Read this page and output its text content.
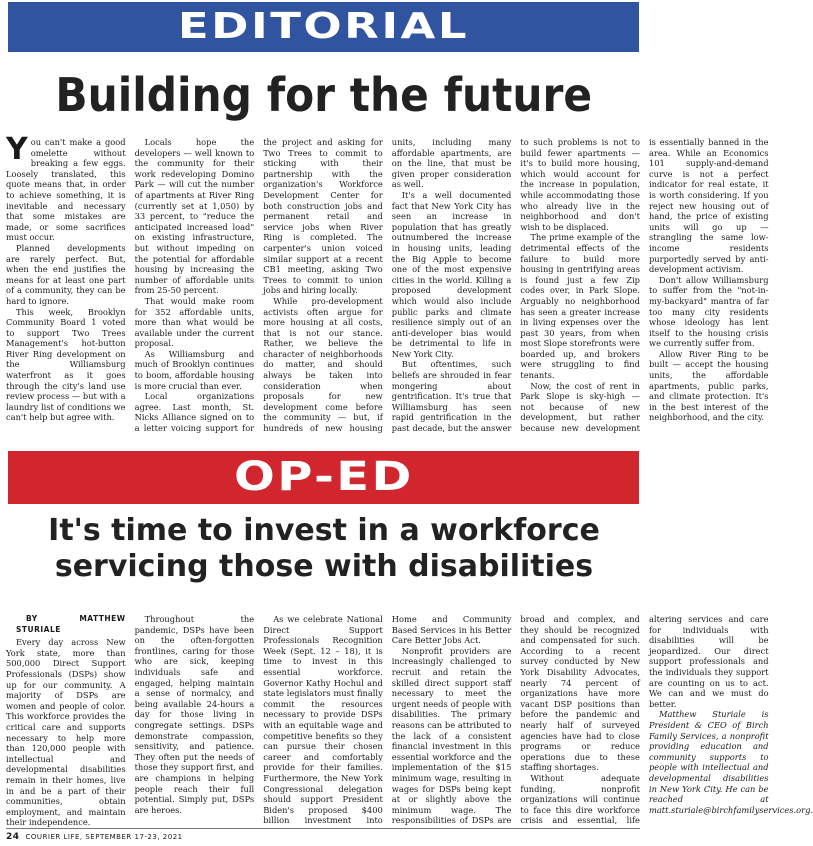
EDITORIAL
Building for the future

You can't make a good omelette without breaking a few eggs. Loosely translated, this quote means that, in order to achieve something, it is inevitable and necessary that some mistakes are made, or some sacrifices must occur.

Planned developments are rarely perfect. But, when the end justifies the means for at least one part of a community, they can be hard to ignore.

This week, Brooklyn Community Board 1 voted to support Two Trees Management's hot-button River Ring development on the Williamsburg waterfront as it goes through the city's land use review process — but with a laundry list of conditions we can't help but agree with.

Locals hope the developers — well known to the community for their work redeveloping Domino Park — will cut the number of apartments at River Ring (currently set at 1,050) by 33 percent, to "reduce the anticipated increased load" on existing infrastructure, but without impeding on the potential for affordable housing by increasing the number of affordable units from 25-50 percent.

That would make room for 352 affordable units, more than what would be available under the current proposal.

As Williamsburg and much of Brooklyn continues to boom, affordable housing is more crucial than ever.

Local organizations agree. Last month, St. Nicks Alliance signed on to a letter voicing support for the project and asking for Two Trees to commit to sticking with their partnership with the organization's Workforce Development Center for both construction jobs and permanent retail and service jobs when River Ring is completed. The carpenter's union voiced similar support at a recent CB1 meeting, asking Two Trees to commit to union jobs and hiring locally.

While pro-development activists often argue for more housing at all costs, that is not our stance. Rather, we believe the character of neighborhoods do matter, and should always be taken into consideration when proposals for new development come before the community — but, if hundreds of new housing units, including many affordable apartments, are on the line, that must be given proper consideration as well.

It's a well documented fact that New York City has seen an increase in population that has greatly outnumbered the increase in housing units, leading the Big Apple to become one of the most expensive cities in the world. Killing a proposed development which would also include public parks and climate resilience simply out of an anti-developer bias would be detrimental to life in New York City.

But oftentimes, such beliefs are shrouded in fear mongering about gentrification. It's true that Williamsburg has seen rapid gentrification in the past decade, but the answer to such problems is not to build fewer apartments — it's to build more housing, which would account for the increase in population, while accommodating those who already live in the neighborhood and don't wish to be displaced.

The prime example of the detrimental effects of the failure to build more housing in gentrifying areas is found just a few Zip codes over, in Park Slope. Arguably no neighborhood has seen a greater increase in living expenses over the past 30 years, from when most Slope storefronts were boarded up, and brokers were struggling to find tenants.

Now, the cost of rent in Park Slope is sky-high — not because of new development, but rather because new development is essentially banned in the area. While an Economics 101 supply-and-demand curve is not a perfect indicator for real estate, it is worth considering. If you reject new housing out of hand, the price of existing units will go up — strangling the same low-income residents purportedly served by anti-development activism.

Don't allow Williamsburg to suffer from the "not-in-my-backyard" mantra of far too many city residents whose ideology has lent itself to the housing crisis we currently suffer from.

Allow River Ring to be built — accept the housing units, the affordable apartments, public parks, and climate protection. It's in the best interest of the neighborhood, and the city.

OP-ED
It's time to invest in a workforce
servicing those with disabilities

BY MATTHEW STURIALE

Every day across New York state, more than 500,000 Direct Support Professionals (DSPs) show up for our community. A majority of DSPs are women and people of color. This workforce provides the critical care and supports necessary to help more than 120,000 people with intellectual and developmental disabilities remain in their homes, live in and be a part of their communities, obtain employment, and maintain their independence.

Throughout the pandemic, DSPs have been on the often-forgotten frontlines, caring for those who are sick, keeping individuals safe and engaged, helping maintain a sense of normalcy, and being available 24-hours a day for those living in congregate settings. DSPs demonstrate compassion, sensitivity, and patience. They often put the needs of those they support first, and are champions in helping people reach their full potential. Simply put, DSPs are heroes.

As we celebrate National Direct Support Professionals Recognition Week (Sept. 12 – 18), it is time to invest in this essential workforce. Governor Kathy Hochul and state legislators must finally commit the resources necessary to provide DSPs with an equitable wage and competitive benefits so they can pursue their chosen career and comfortably provide for their families. Furthermore, the New York Congressional delegation should support President Biden's proposed $400 billion investment into Home and Community Based Services in his Better Care Better Jobs Act.

Nonprofit providers are increasingly challenged to recruit and retain the skilled direct support staff necessary to meet the urgent needs of people with disabilities. The primary reasons can be attributed to the lack of a consistent financial investment in this essential workforce and the implementation of the $15 minimum wage, resulting in wages for DSPs being kept at or slightly above the minimum wage. The responsibilities of DSPs are broad and complex, and they should be recognized and compensated for such. According to a recent survey conducted by New York Disability Advocates, nearly 74 percent of organizations have more vacant DSP positions than before the pandemic and nearly half of surveyed agencies have had to close programs or reduce operations due to these staffing shortages.

Without adequate funding, nonprofit organizations will continue to face this dire workforce crisis and essential, life altering services and care for individuals with disabilities will be jeopardized. Our direct support professionals and the individuals they support are counting on us to act. We can and we must do better.

Matthew Sturiale is President & CEO of Birch Family Services, a nonprofit providing education and community supports to people with intellectual and developmental disabilities in New York City. He can be reached at matt.sturiale@birchfamilyservices.org.

24 COURIER LIFE, SEPTEMBER 17-23, 2021
